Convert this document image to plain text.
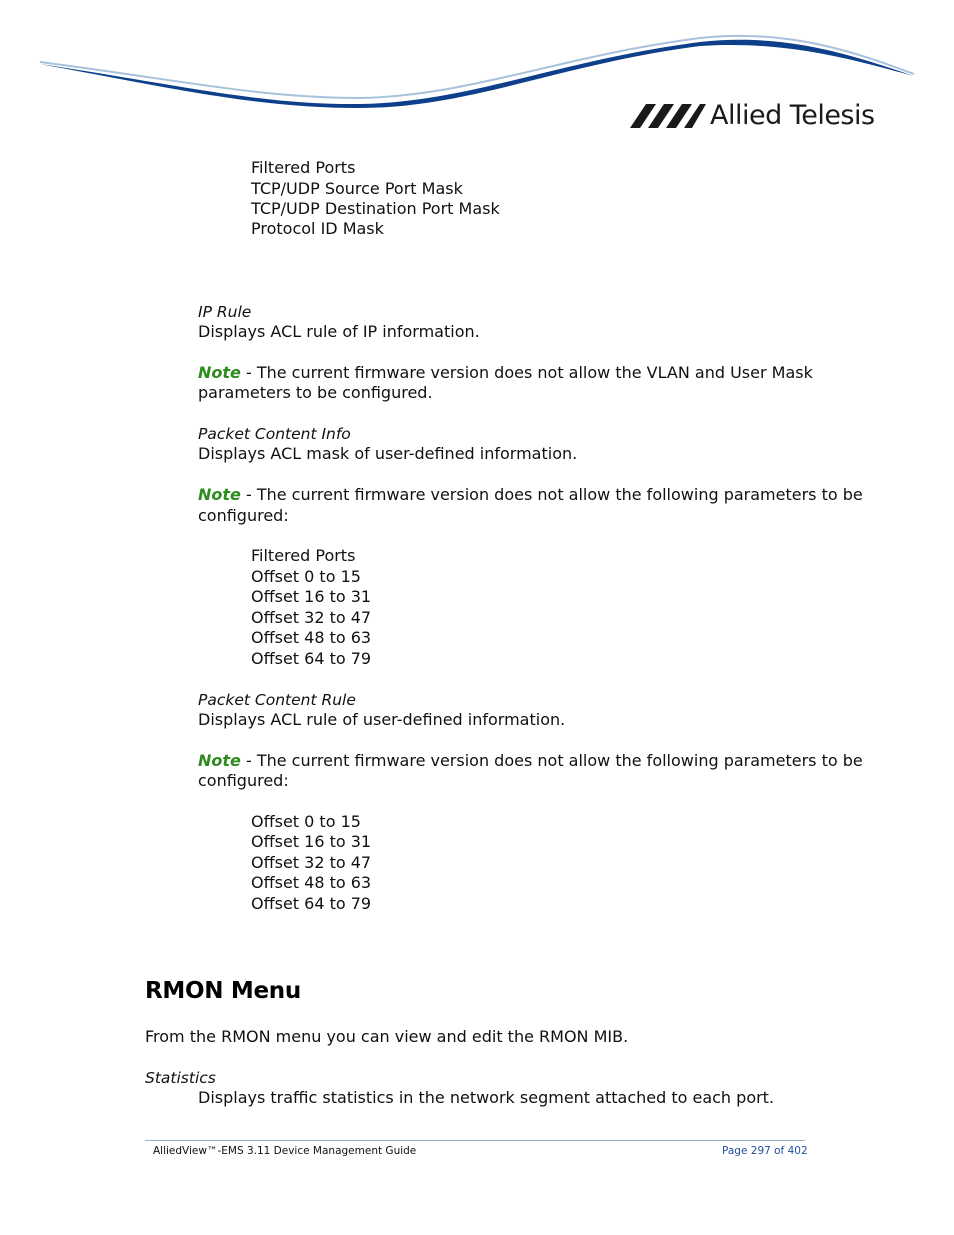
Allied Telesis
Filtered Ports
TCP/UDP Source Port Mask
TCP/UDP Destination Port Mask
Protocol ID Mask
IP Rule
Displays ACL rule of IP information.
Note - The current firmware version does not allow the VLAN and User Mask
parameters to be configured.
Packet Content Info
Displays ACL mask of user-defined information.
Note - The current firmware version does not allow the following parameters to be
configured:
Filtered Ports
Offset 0 to 15
Offset 16 to 31
Offset 32 to 47
Offset 48 to 63
Offset 64 to 79
Packet Content Rule
Displays ACL rule of user-defined information.
Note - The current firmware version does not allow the following parameters to be
configured:
Offset 0 to 15
Offset 16 to 31
Offset 32 to 47
Offset 48 to 63
Offset 64 to 79
RMON Menu
From the RMON menu you can view and edit the RMON MIB.
Statistics
Displays traffic statistics in the network segment attached to each port.
AlliedView™-EMS 3.11 Device Management Guide	Page 297 of 402
